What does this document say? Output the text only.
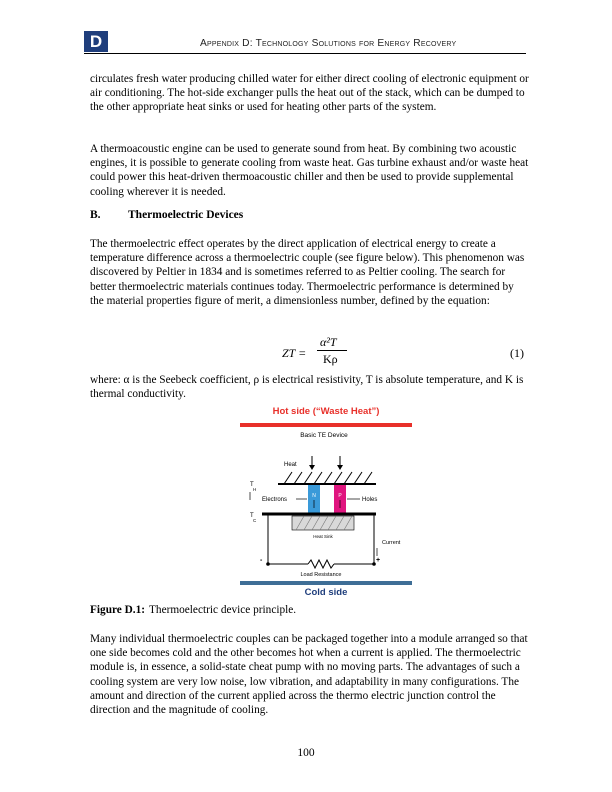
D	Appendix D: Technology Solutions for Energy Recovery

circulates fresh water producing chilled water for either direct cooling of electronic equipment or air conditioning. The hot-side exchanger pulls the heat out of the stack, which can be dumped to the other appropriate heat sinks or used for heating other parts of the system.

A thermoacoustic engine can be used to generate sound from heat. By combining two acoustic engines, it is possible to generate cooling from waste heat. Gas turbine exhaust and/or waste heat could power this heat-driven thermoacoustic chiller and then be used to provide supplemental cooling wherever it is needed.

B. Thermoelectric Devices

The thermoelectric effect operates by the direct application of electrical energy to create a temperature difference across a thermoelectric couple (see figure below). This phenomenon was discovered by Peltier in 1834 and is sometimes referred to as Peltier cooling. The search for better thermoelectric materials continues today. Thermoelectric performance is determined by the material properties figure of merit, a dimensionless number, defined by the equation:

ZT =
α²T
Kρ	(1)

where: α is the Seebeck coefficient, ρ is electrical resistivity, T is absolute temperature, and K is thermal conductivity.

Hot side (“Waste Heat”)
Basic TE Device
Heat
N	P
Electrons	Holes
T
H
T
C
Heat Sink
-	+
Current
Load Resistance
Cold side
Figure D.1: Thermoelectric device principle.

Many individual thermoelectric couples can be packaged together into a module arranged so that one side becomes cold and the other becomes hot when a current is applied. The thermoelectric module is, in essence, a solid-state cheat pump with no moving parts. The advantages of such a cooling system are very low noise, low vibration, and adaptability in many configurations. The amount and direction of the current applied across the thermo electric junction control the direction and the magnitude of cooling.

100
